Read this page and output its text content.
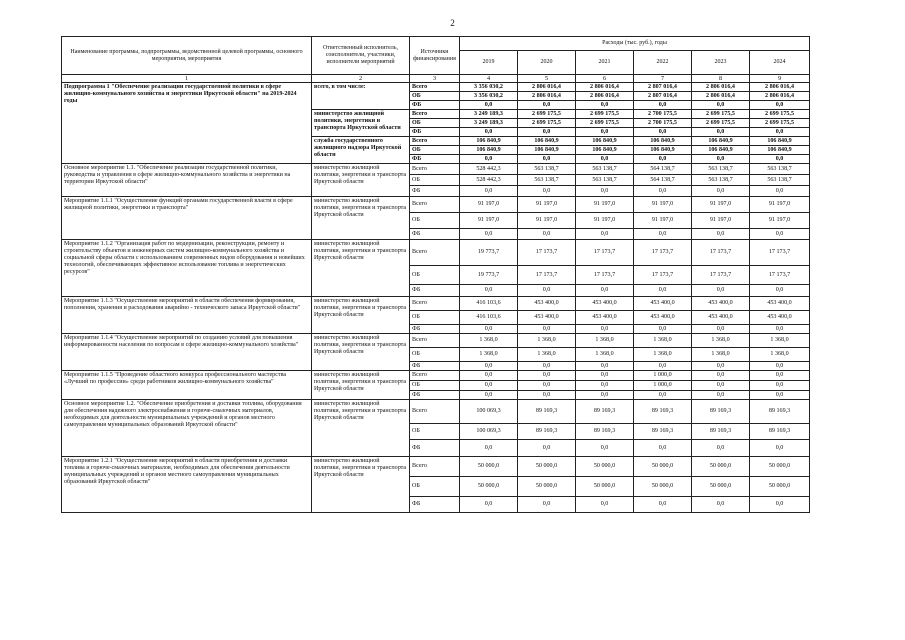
2
Наименование программы, подпрограммы, ведомственной целевой программы, основного мероприятия, мероприятия	Ответственный исполнитель, соисполнители, участники, исполнители мероприятий	Источники финансирования	Расходы (тыс. руб.), годы					
			2019	2020	2021	2022	2023	2024
1	2	3	4	5	6	7	8	9
Подпрограмма 1 "Обеспечение реализации государственной политики в сфере жилищно-коммунального хозяйства и энергетики Иркутской области" на 2019-2024 годы	всего, в том числе:	Всего	3 356 030,2	2 806 016,4	2 806 016,4	2 807 016,4	2 806 016,4	2 806 016,4
		ОБ	3 356 030,2	2 806 016,4	2 806 016,4	2 807 016,4	2 806 016,4	2 806 016,4
		ФБ	0,0	0,0	0,0	0,0	0,0	0,0
	министерство жилищной политики, энергетики и транспорта Иркутской области	Всего	3 249 189,3	2 699 175,5	2 699 175,5	2 700 175,5	2 699 175,5	2 699 175,5
		ОБ	3 249 189,3	2 699 175,5	2 699 175,5	2 700 175,5	2 699 175,5	2 699 175,5
		ФБ	0,0	0,0	0,0	0,0	0,0	0,0
	служба государственного жилищного надзора Иркутской области	Всего	106 840,9	106 840,9	106 840,9	106 840,9	106 840,9	106 840,9
		ОБ	106 840,9	106 840,9	106 840,9	106 840,9	106 840,9	106 840,9
		ФБ	0,0	0,0	0,0	0,0	0,0	0,0
Основное мероприятие 1.1. "Обеспечение реализации государственной политики, руководства и управления в сфере жилищно-коммунального хозяйства и энергетики на территории Иркутской области"	министерство жилищной политики, энергетики и транспорта Иркутской области	Всего	528 442,3	563 138,7	563 138,7	564 138,7	563 138,7	563 138,7
		ОБ	528 442,3	563 138,7	563 138,7	564 138,7	563 138,7	563 138,7
		ФБ	0,0	0,0	0,0	0,0	0,0	0,0
Мероприятие 1.1.1 "Осуществление функций органами государственной власти в сфере жилищной политики, энергетики и транспорта"	министерство жилищной политики, энергетики и транспорта Иркутской области	Всего	91 197,0	91 197,0	91 197,0	91 197,0	91 197,0	91 197,0
		ОБ	91 197,0	91 197,0	91 197,0	91 197,0	91 197,0	91 197,0
		ФБ	0,0	0,0	0,0	0,0	0,0	0,0
Мероприятие 1.1.2 "Организация работ по модернизации, реконструкции, ремонту и строительству объектов и инженерных систем жилищно-коммунального хозяйства и социальной сферы области с использованием современных видов оборудования и новейших технологий, обеспечивающих эффективное использование топлива и энергетических ресурсов"	министерство жилищной политики, энергетики и транспорта Иркутской области	Всего	19 773,7	17 173,7	17 173,7	17 173,7	17 173,7	17 173,7
		ОБ	19 773,7	17 173,7	17 173,7	17 173,7	17 173,7	17 173,7
		ФБ	0,0	0,0	0,0	0,0	0,0	0,0
Мероприятие 1.1.3 "Осуществление мероприятий в области обеспечения формирования, пополнения, хранения и расходования аварийно - технического запаса Иркутской области"	министерство жилищной политики, энергетики и транспорта Иркутской области	Всего	416 103,6	453 400,0	453 400,0	453 400,0	453 400,0	453 400,0
		ОБ	416 103,6	453 400,0	453 400,0	453 400,0	453 400,0	453 400,0
		ФБ	0,0	0,0	0,0	0,0	0,0	0,0
Мероприятие 1.1.4 "Осуществление мероприятий по созданию условий для повышения информированности населения по вопросам в сфере жилищно-коммунального хозяйства"	министерство жилищной политики, энергетики и транспорта Иркутской области	Всего	1 368,0	1 368,0	1 368,0	1 368,0	1 368,0	1 368,0
		ОБ	1 368,0	1 368,0	1 368,0	1 368,0	1 368,0	1 368,0
		ФБ	0,0	0,0	0,0	0,0	0,0	0,0
Мероприятие 1.1.5 "Проведение областного конкурса профессионального мастерства «Лучший по профессии» среди работников жилищно-коммунального хозяйства"	министерство жилищной политики, энергетики и транспорта Иркутской области	Всего	0,0	0,0	0,0	1 000,0	0,0	0,0
		ОБ	0,0	0,0	0,0	1 000,0	0,0	0,0
		ФБ	0,0	0,0	0,0	0,0	0,0	0,0
Основное мероприятие 1.2. "Обеспечение приобретения и доставки топлива, оборудования для обеспечения надежного электроснабжения и горюче-смазочных материалов, необходимых для деятельности муниципальных учреждений и органов местного самоуправления муниципальных образований Иркутской области"	министерство жилищной политики, энергетики и транспорта Иркутской области	Всего	100 069,3	89 169,3	89 169,3	89 169,3	89 169,3	89 169,3
		ОБ	100 069,3	89 169,3	89 169,3	89 169,3	89 169,3	89 169,3
		ФБ	0,0	0,0	0,0	0,0	0,0	0,0
Мероприятие 1.2.1 "Осуществление мероприятий в области приобретения и доставки топлива и горюче-смазочных материалов, необходимых для обеспечения деятельности муниципальных учреждений и органов местного самоуправления муниципальных образований Иркутской области"	министерство жилищной политики, энергетики и транспорта Иркутской области	Всего	50 000,0	50 000,0	50 000,0	50 000,0	50 000,0	50 000,0
		ОБ	50 000,0	50 000,0	50 000,0	50 000,0	50 000,0	50 000,0
		ФБ	0,0	0,0	0,0	0,0	0,0	0,0
